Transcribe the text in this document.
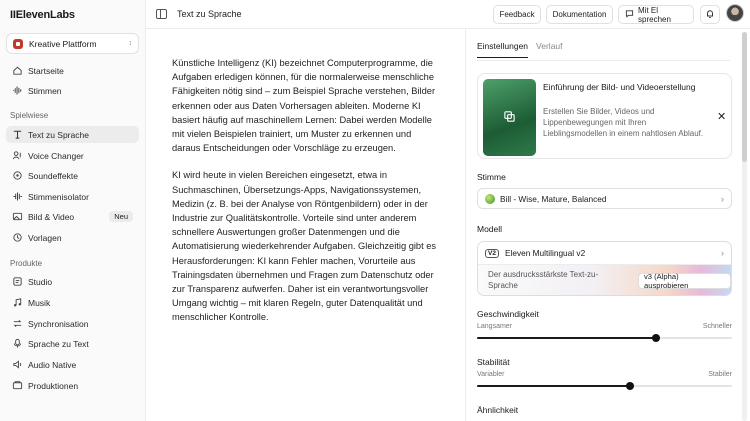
IIElevenLabs
Kreative Plattform	↕
Startseite
Stimmen
Spielwiese
Text zu Sprache
Voice Changer
Soundeffekte
Stimmenisolator
Bild & Video	Neu
Vorlagen
Produkte
Studio
Musik
Synchronisation
Sprache zu Text
Audio Native
Produktionen
Text zu Sprache	Feedback	Dokumentation	Mit El sprechen

Künstliche Intelligenz (KI) bezeichnet Computerprogramme, die Aufgaben erledigen können, für die normalerweise menschliche Fähigkeiten nötig sind – zum Beispiel Sprache verstehen, Bilder erkennen oder aus Daten Vorhersagen ableiten. Moderne KI basiert häufig auf maschinellem Lernen: Dabei werden Modelle mit vielen Beispielen trainiert, um Muster zu erkennen und daraus Entscheidungen oder Vorschläge zu erzeugen.

KI wird heute in vielen Bereichen eingesetzt, etwa in Suchmaschinen, Übersetzungs-Apps, Navigationssystemen, Medizin (z. B. bei der Analyse von Röntgenbildern) oder in der Industrie zur Qualitätskontrolle. Vorteile sind unter anderem schnellere Auswertungen großer Datenmengen und die Automatisierung wiederkehrender Aufgaben. Gleichzeitig gibt es Herausforderungen: KI kann Fehler machen, Vorurteile aus Trainingsdaten übernehmen und Fragen zum Datenschutz oder zur Transparenz aufwerfen. Daher ist ein verantwortungsvoller Umgang wichtig – mit klaren Regeln, guter Datenqualität und menschlicher Kontrolle.

Einstellungen Verlauf
Einführung der Bild- und Videoerstellung
Erstellen Sie Bilder, Videos und Lippenbewegungen mit Ihren Lieblingsmodellen in einem nahtlosen Ablauf.
✕
Stimme
Bill - Wise, Mature, Balanced	›
Modell
V2	Eleven Multilingual v2	›
Der ausdrucksstärkste Text-zu-Sprache
v3 (Alpha) ausprobieren
Geschwindigkeit
Langsamer	Schneller
Stabilität
Variabler	Stabiler
Ähnlichkeit
